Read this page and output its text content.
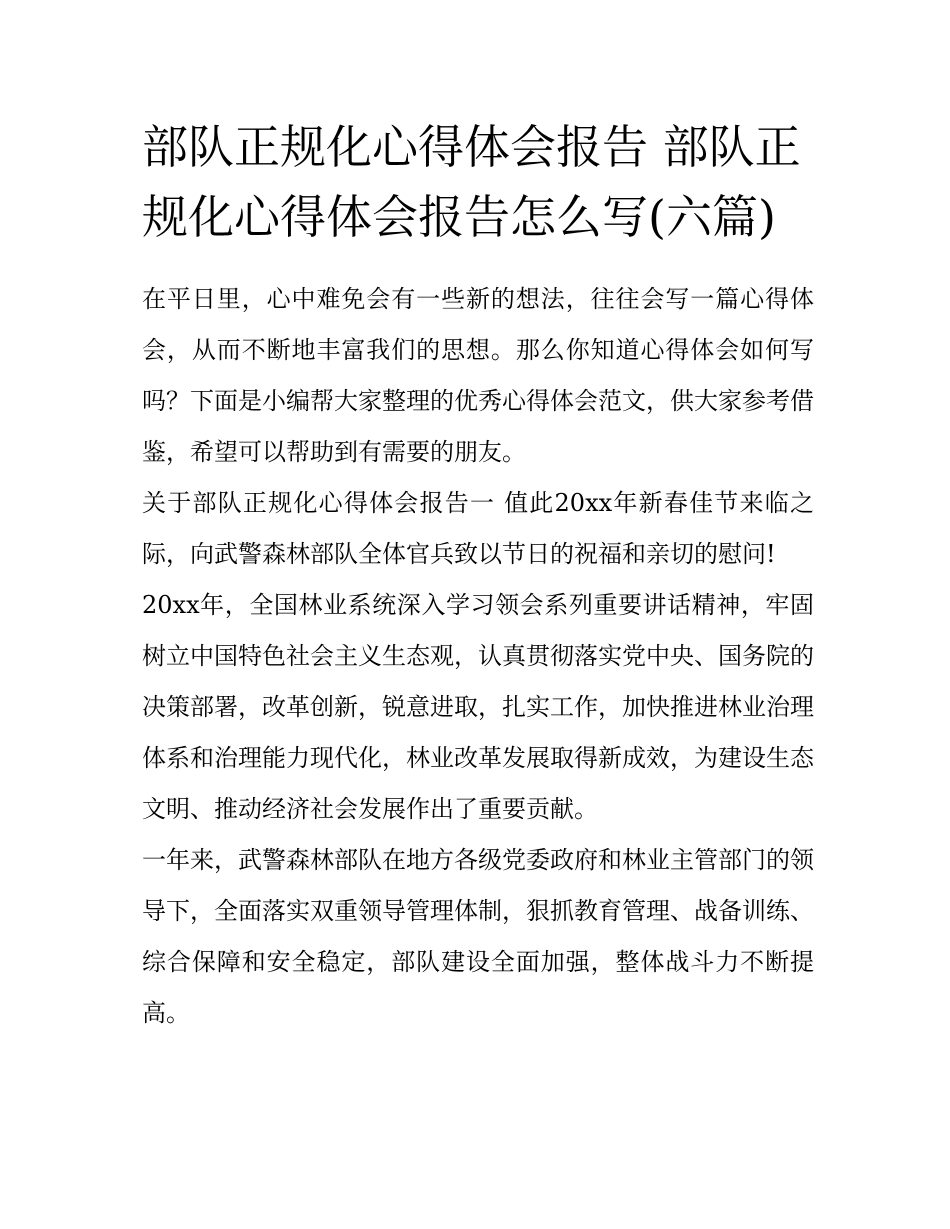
部队正规化心得体会报告 部队正规化心得体会报告怎么写(六篇)

在平日里，心中难免会有一些新的想法，往往会写一篇心得体会，从而不断地丰富我们的思想。那么你知道心得体会如何写吗？下面是小编帮大家整理的优秀心得体会范文，供大家参考借鉴，希望可以帮助到有需要的朋友。

关于部队正规化心得体会报告一 值此20xx年新春佳节来临之际，向武警森林部队全体官兵致以节日的祝福和亲切的慰问!

20xx年，全国林业系统深入学习领会系列重要讲话精神，牢固树立中国特色社会主义生态观，认真贯彻落实党中央、国务院的决策部署，改革创新，锐意进取，扎实工作，加快推进林业治理体系和治理能力现代化，林业改革发展取得新成效，为建设生态文明、推动经济社会发展作出了重要贡献。

一年来，武警森林部队在地方各级党委政府和林业主管部门的领导下，全面落实双重领导管理体制，狠抓教育管理、战备训练、综合保障和安全稳定，部队建设全面加强，整体战斗力不断提高。
